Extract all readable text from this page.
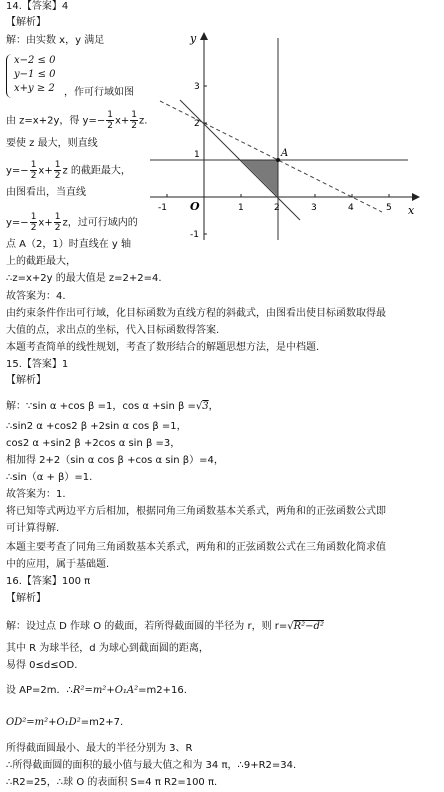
14.【答案】4
【解析】
解：由实数 x，y 满足
x−2 ≤ 0
y−1 ≤ 0
x+y ≥ 2 ，作可行域如图
由 z=x+2y，得 $y=- \frac{1}{2} x+ \frac{1}{2} z$.
要使 z 最大，则直线
$y=- \frac{1}{2} x+ \frac{1}{2}$ z 的截距最大，
由图看出，当直线
$y=- \frac{1}{2} x+ \frac{1}{2}$ z，过可行域内的
点 A（2，1）时直线在 y 轴
上的截距最大，
∴z=x+2y 的最大值是 z=2+2=4.
故答案为：4.
由约束条件作出可行域，化目标函数为直线方程的斜截式，由图看出使目标函数取得最
大值的点，求出点的坐标，代入目标函数得答案.
本题考查简单的线性规划，考查了数形结合的解题思想方法，是中档题.
y
x
O
A
-1	1	2	3	4	5
3
2
1
-1
15.【答案】1
【解析】
解：∵sin α +cos β =1，cos α +sin β =√3，
∴sin2 α +cos2 β +2sin α cos β =1，
cos2 α +sin2 β +2cos α sin β =3，
相加得 2+2（sin α cos β +cos α sin β）=4，
∴sin（α + β）=1.
故答案为：1.
将已知等式两边平方后相加，根据同角三角函数基本关系式，两角和的正弦函数公式即
可计算得解.
本题主要考查了同角三角函数基本关系式，两角和的正弦函数公式在三角函数化简求值
中的应用，属于基础题.
16.【答案】100 π
【解析】
解：设过点 D 作球 O 的截面，若所得截面圆的半径为 r，则 r=√R²−d²
其中 R 为球半径，d 为球心到截面圆的距离，
易得 0≤d≤OD.
设 AP=2m．∴R²=m²+O₁A²=m2+16.
OD²=m²+O₁D²=m2+7.
所得截面圆最小、最大的半径分别为 3、R
∴所得截面圆的面积的最小值与最大值之和为 34 π，∴9+R2=34.
∴R2=25，∴球 O 的表面积 S=4 π R2=100 π.
